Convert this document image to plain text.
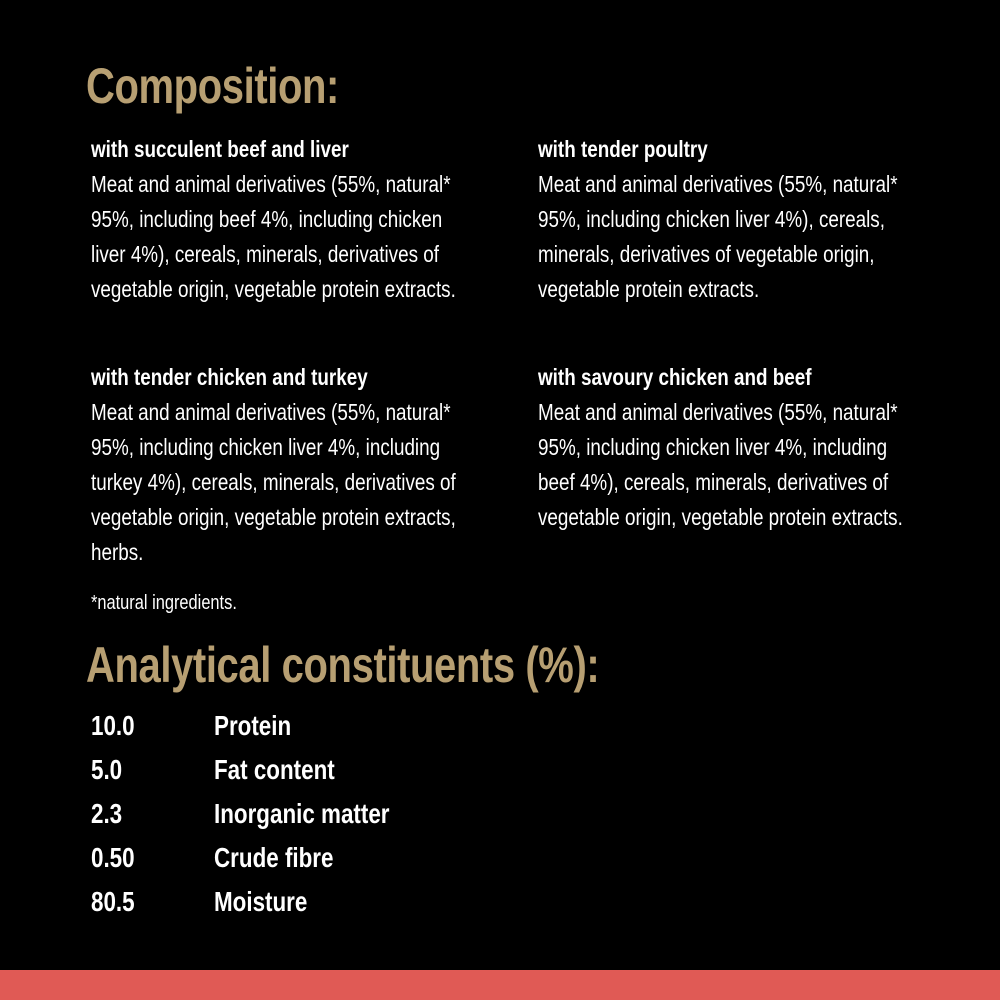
Composition:
with succulent beef and liver
Meat and animal derivatives (55%, natural* 95%, including beef 4%, including chicken liver 4%), cereals, minerals, derivatives of vegetable origin, vegetable protein extracts.
with tender poultry
Meat and animal derivatives (55%, natural* 95%, including chicken liver 4%), cereals, minerals, derivatives of vegetable origin, vegetable protein extracts.
with tender chicken and turkey
Meat and animal derivatives (55%, natural* 95%, including chicken liver 4%, including turkey 4%), cereals, minerals, derivatives of vegetable origin, vegetable protein extracts, herbs.
with savoury chicken and beef
Meat and animal derivatives (55%, natural* 95%, including chicken liver 4%, including beef 4%), cereals, minerals, derivatives of vegetable origin, vegetable protein extracts.
*natural ingredients.
Analytical constituents (%):
10.0	Protein
5.0	Fat content
2.3	Inorganic matter
0.50	Crude fibre
80.5	Moisture
